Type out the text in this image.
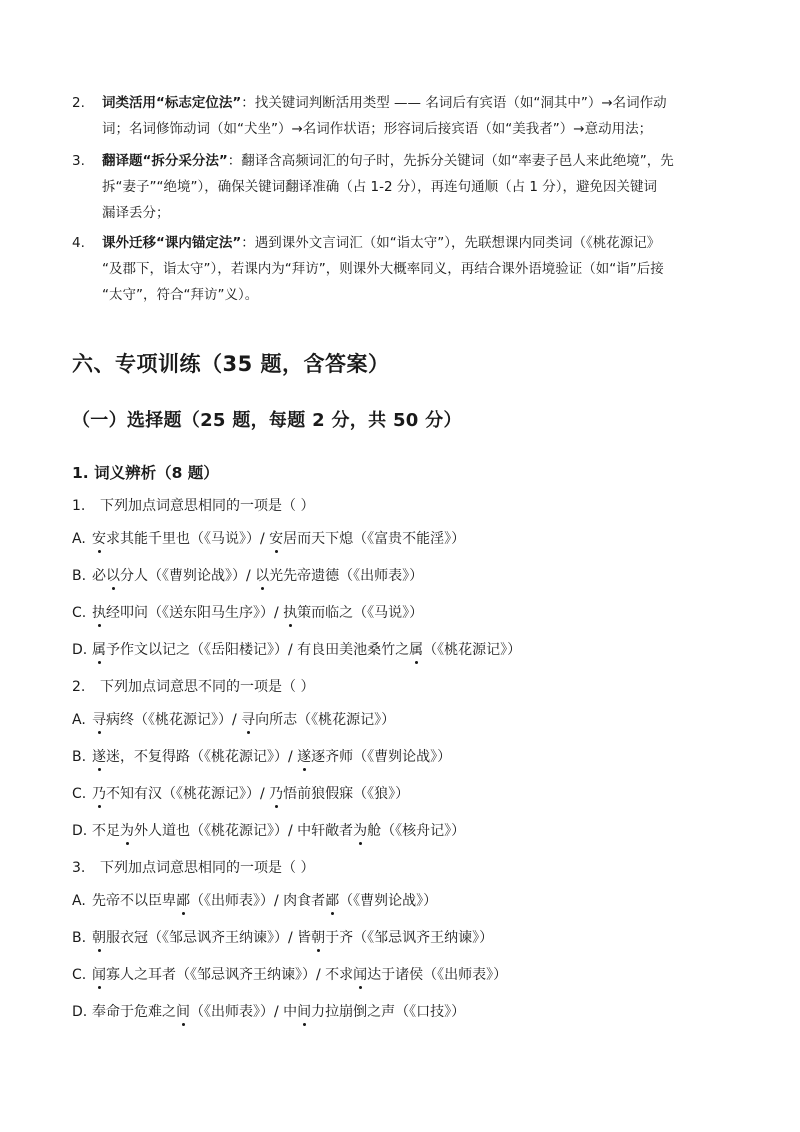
2. 词类活用“标志定位法”：找关键词判断活用类型 —— 名词后有宾语（如“洞其中”）→名词作动
词；名词修饰动词（如“犬坐”）→名词作状语；形容词后接宾语（如“美我者”）→意动用法；
3. 翻译题“拆分采分法”：翻译含高频词汇的句子时，先拆分关键词（如“率妻子邑人来此绝境”，先
拆“妻子”“绝境”），确保关键词翻译准确（占 1-2 分），再连句通顺（占 1 分），避免因关键词
漏译丢分；
4. 课外迁移“课内锚定法”：遇到课外文言词汇（如“诣太守”），先联想课内同类词（《桃花源记》
“及郡下，诣太守”），若课内为“拜访”，则课外大概率同义，再结合课外语境验证（如“诣”后接
“太守”，符合“拜访”义）。
六、专项训练（35 题，含答案）
（一）选择题（25 题，每题 2 分，共 50 分）
1. 词义辨析（8 题）
1. 下列加点词意思相同的一项是（ ）
A. 安求其能千里也（《马说》）/ 安居而天下熄（《富贵不能淫》）
B. 必以分人（《曹刿论战》）/ 以光先帝遗德（《出师表》）
C. 执经叩问（《送东阳马生序》）/ 执策而临之（《马说》）
D. 属予作文以记之（《岳阳楼记》）/ 有良田美池桑竹之属（《桃花源记》）
2. 下列加点词意思不同的一项是（ ）
A. 寻病终（《桃花源记》）/ 寻向所志（《桃花源记》）
B. 遂迷，不复得路（《桃花源记》）/ 遂逐齐师（《曹刿论战》）
C. 乃不知有汉（《桃花源记》）/ 乃悟前狼假寐（《狼》）
D. 不足为外人道也（《桃花源记》）/ 中轩敞者为舱（《核舟记》）
3. 下列加点词意思相同的一项是（ ）
A. 先帝不以臣卑鄙（《出师表》）/ 肉食者鄙（《曹刿论战》）
B. 朝服衣冠（《邹忌讽齐王纳谏》）/ 皆朝于齐（《邹忌讽齐王纳谏》）
C. 闻寡人之耳者（《邹忌讽齐王纳谏》）/ 不求闻达于诸侯（《出师表》）
D. 奉命于危难之间（《出师表》）/ 中间力拉崩倒之声（《口技》）
